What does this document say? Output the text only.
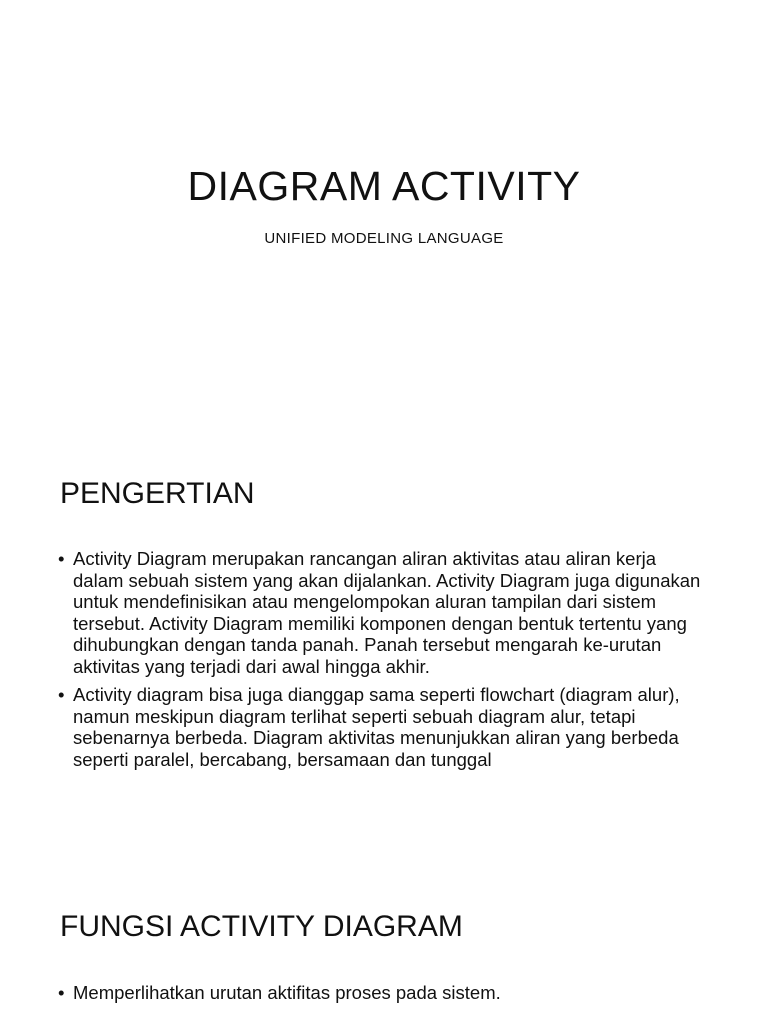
DIAGRAM ACTIVITY

UNIFIED MODELING LANGUAGE

PENGERTIAN
• Activity Diagram merupakan rancangan aliran aktivitas atau aliran kerja dalam sebuah sistem yang akan dijalankan. Activity Diagram juga digunakan untuk mendefinisikan atau mengelompokan aluran tampilan dari sistem tersebut. Activity Diagram memiliki komponen dengan bentuk tertentu yang dihubungkan dengan tanda panah. Panah tersebut mengarah ke-urutan aktivitas yang terjadi dari awal hingga akhir.
• Activity diagram bisa juga dianggap sama seperti flowchart (diagram alur), namun meskipun diagram terlihat seperti sebuah diagram alur, tetapi sebenarnya berbeda. Diagram aktivitas menunjukkan aliran yang berbeda seperti paralel, bercabang, bersamaan dan tunggal
FUNGSI ACTIVITY DIAGRAM
• Memperlihatkan urutan aktifitas proses pada sistem.
